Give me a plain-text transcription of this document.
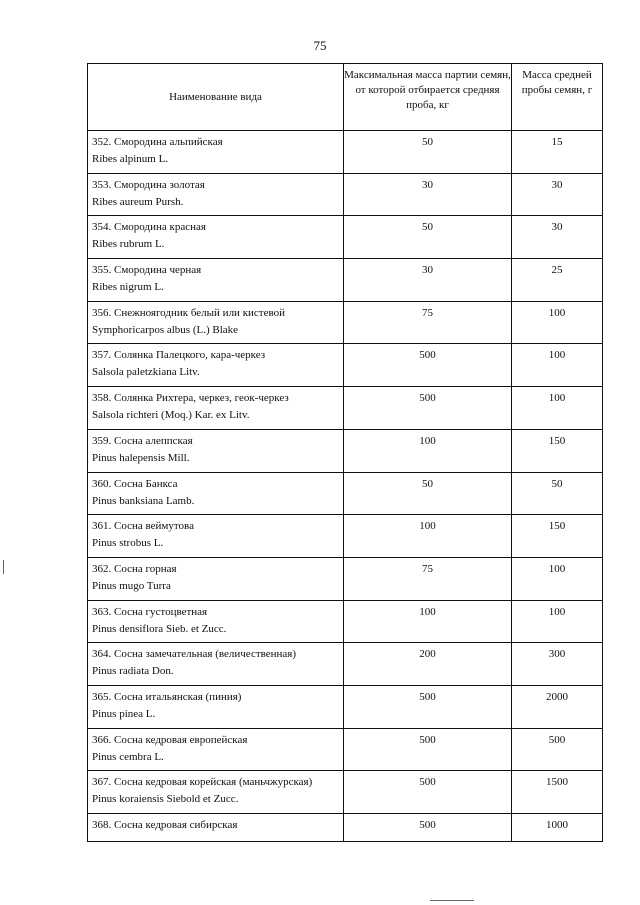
75
Наименование вида	Максимальная масса партии семян, от которой отбирается средняя проба, кг	Масса средней пробы семян, г

352. Смородина альпийская
Ribes alpinum L.	50	15

353. Смородина золотая
Ribes aureum Pursh.	30	30

354. Смородина красная
Ribes rubrum L.	50	30

355. Смородина черная
Ribes nigrum L.	30	25

356. Снежноягодник белый или кистевой
Symphoricarpos albus (L.) Blake	75	100

357. Солянка Палецкого, кара-черкез
Salsola paletzkiana Litv.	500	100

358. Солянка Рихтера, черкез, геок-черкез
Salsola richteri (Moq.) Kar. ex Litv.	500	100

359. Сосна алеппская
Pinus halepensis Mill.	100	150

360. Сосна Банкса
Pinus banksiana Lamb.	50	50

361. Сосна веймутова
Pinus strobus L.	100	150

362. Сосна горная
Pinus mugo Turra	75	100

363. Сосна густоцветная
Pinus densiflora Sieb. et Zucc.	100	100

364. Сосна замечательная (величественная)
Pinus radiata Don.	200	300

365. Сосна итальянская (пиния)
Pinus pinea L.	500	2000

366. Сосна кедровая европейская
Pinus cembra L.	500	500

367. Сосна кедровая корейская (маньчжурская)
Pinus koraiensis Siebold et Zucc.	500	1500

368. Сосна кедровая сибирская	500	1000
